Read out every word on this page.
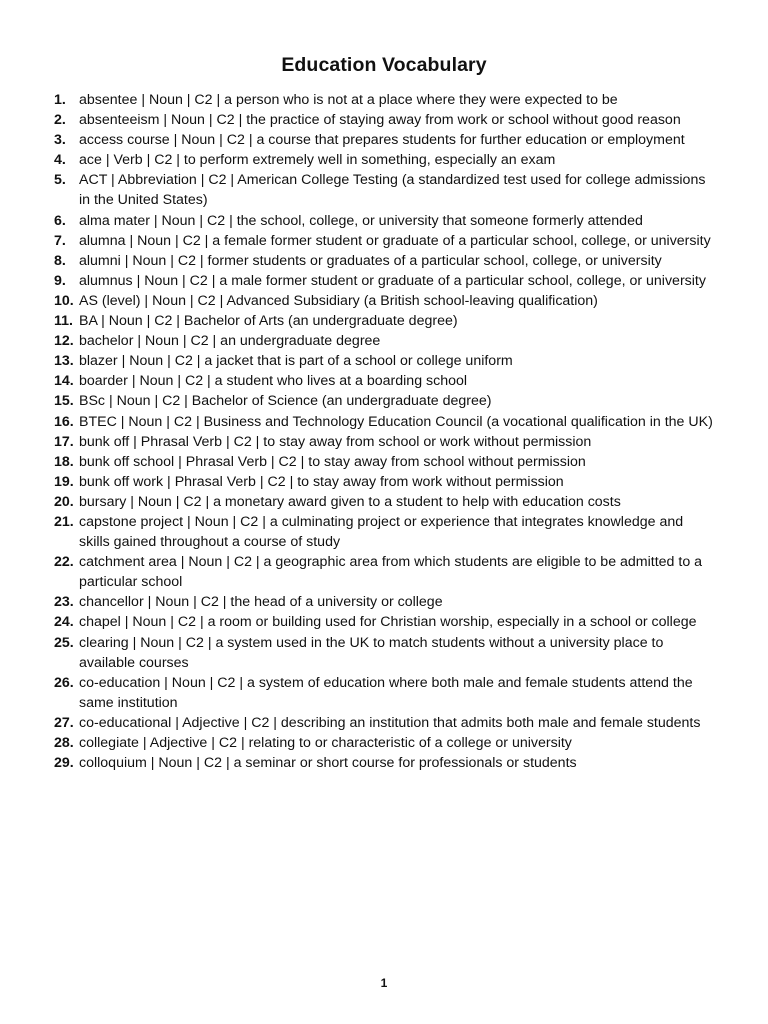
Education Vocabulary
1. absentee | Noun | C2 | a person who is not at a place where they were expected to be
2. absenteeism | Noun | C2 | the practice of staying away from work or school without good reason
3. access course | Noun | C2 | a course that prepares students for further education or employment
4. ace | Verb | C2 | to perform extremely well in something, especially an exam
5. ACT | Abbreviation | C2 | American College Testing (a standardized test used for college admissions in the United States)
6. alma mater | Noun | C2 | the school, college, or university that someone formerly attended
7. alumna | Noun | C2 | a female former student or graduate of a particular school, college, or university
8. alumni | Noun | C2 | former students or graduates of a particular school, college, or university
9. alumnus | Noun | C2 | a male former student or graduate of a particular school, college, or university
10. AS (level) | Noun | C2 | Advanced Subsidiary (a British school-leaving qualification)
11. BA | Noun | C2 | Bachelor of Arts (an undergraduate degree)
12. bachelor | Noun | C2 | an undergraduate degree
13. blazer | Noun | C2 | a jacket that is part of a school or college uniform
14. boarder | Noun | C2 | a student who lives at a boarding school
15. BSc | Noun | C2 | Bachelor of Science (an undergraduate degree)
16. BTEC | Noun | C2 | Business and Technology Education Council (a vocational qualification in the UK)
17. bunk off | Phrasal Verb | C2 | to stay away from school or work without permission
18. bunk off school | Phrasal Verb | C2 | to stay away from school without permission
19. bunk off work | Phrasal Verb | C2 | to stay away from work without permission
20. bursary | Noun | C2 | a monetary award given to a student to help with education costs
21. capstone project | Noun | C2 | a culminating project or experience that integrates knowledge and skills gained throughout a course of study
22. catchment area | Noun | C2 | a geographic area from which students are eligible to be admitted to a particular school
23. chancellor | Noun | C2 | the head of a university or college
24. chapel | Noun | C2 | a room or building used for Christian worship, especially in a school or college
25. clearing | Noun | C2 | a system used in the UK to match students without a university place to available courses
26. co-education | Noun | C2 | a system of education where both male and female students attend the same institution
27. co-educational | Adjective | C2 | describing an institution that admits both male and female students
28. collegiate | Adjective | C2 | relating to or characteristic of a college or university
29. colloquium | Noun | C2 | a seminar or short course for professionals or students
1
